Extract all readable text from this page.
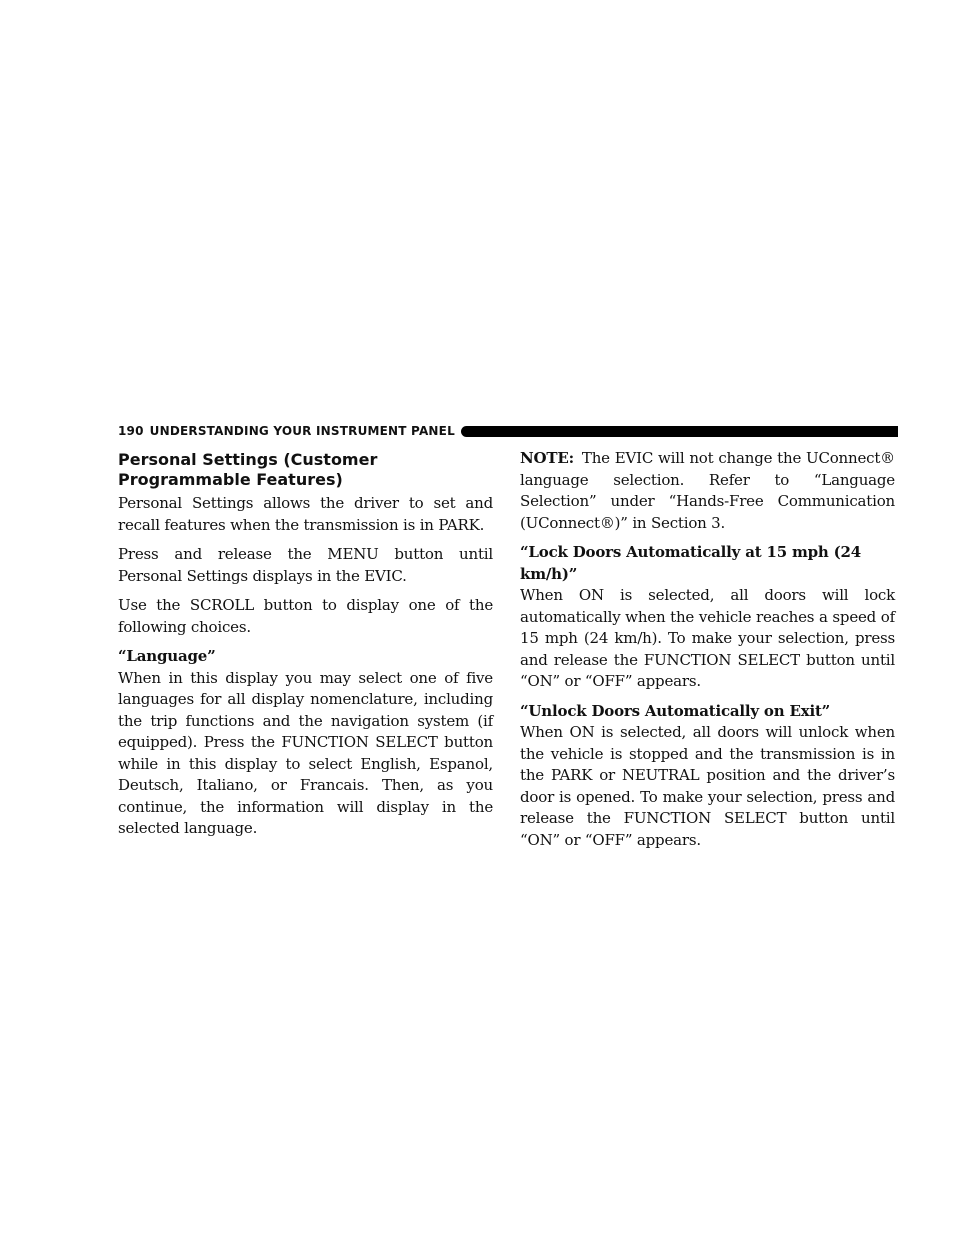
190 UNDERSTANDING YOUR INSTRUMENT PANEL
Personal Settings (Customer Programmable Features)

Personal Settings allows the driver to set and recall features when the transmission is in PARK.

Press and release the MENU button until Personal Settings displays in the EVIC.

Use the SCROLL button to display one of the following choices.

“Language”

When in this display you may select one of five languages for all display nomenclature, including the trip functions and the navigation system (if equipped). Press the FUNCTION SELECT button while in this display to select English, Espanol, Deutsch, Italiano, or Francais. Then, as you continue, the information will display in the selected language.

NOTE: The EVIC will not change the UConnect® language selection. Refer to “Language Selection” under “Hands-Free Communication (UConnect®)” in Section 3.

“Lock Doors Automatically at 15 mph (24 km/h)”

When ON is selected, all doors will lock automatically when the vehicle reaches a speed of 15 mph (24 km/h). To make your selection, press and release the FUNCTION SELECT button until “ON” or “OFF” appears.

“Unlock Doors Automatically on Exit”

When ON is selected, all doors will unlock when the vehicle is stopped and the transmission is in the PARK or NEUTRAL position and the driver’s door is opened. To make your selection, press and release the FUNCTION SELECT button until “ON” or “OFF” appears.
